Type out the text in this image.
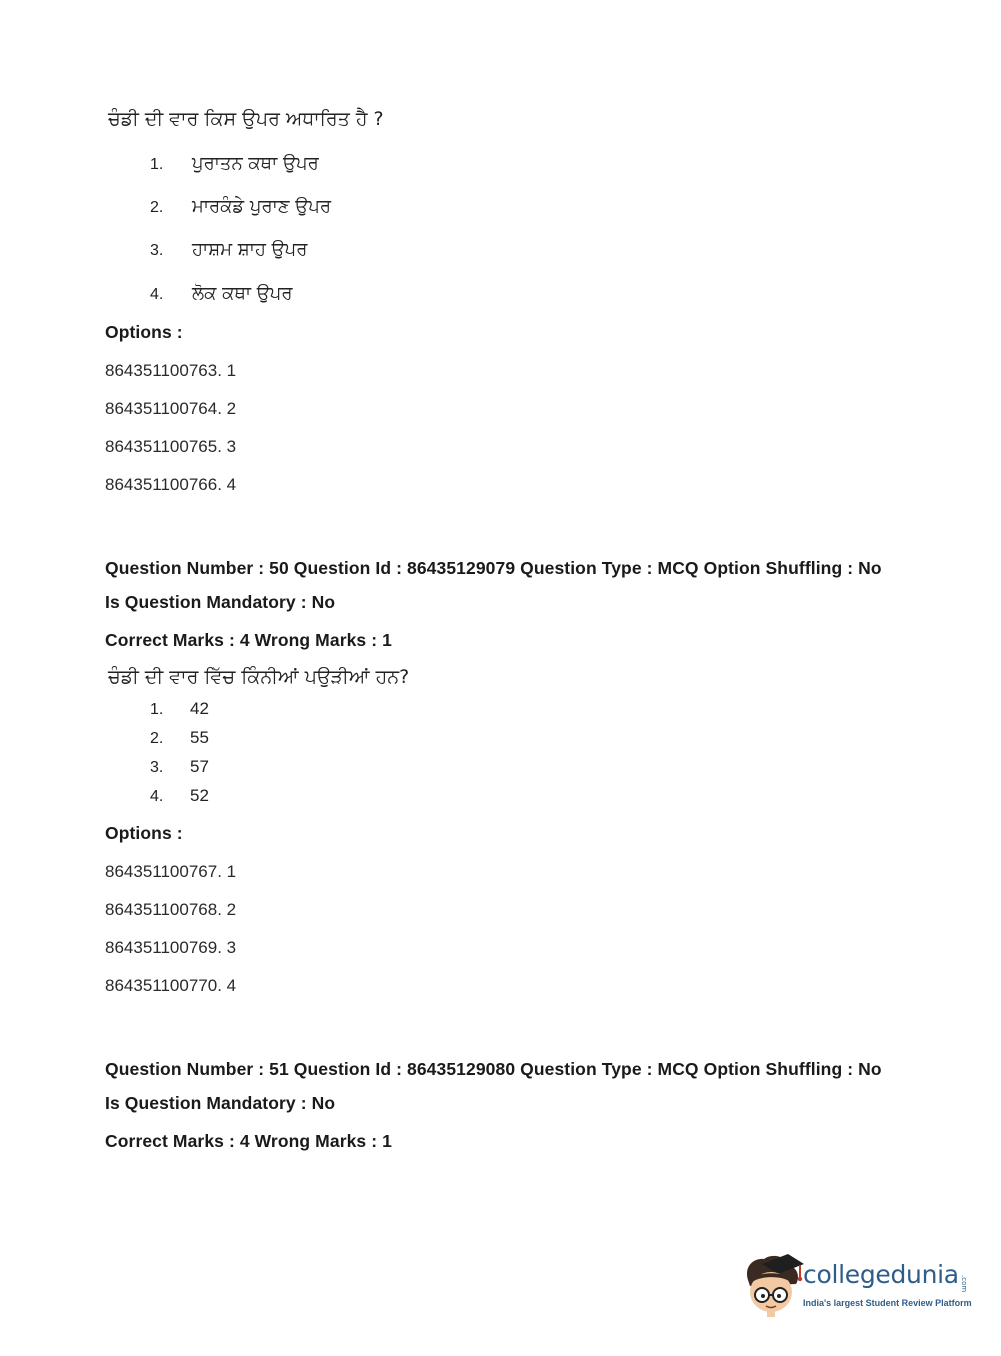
ਚੰਡੀ ਦੀ ਵਾਰ ਕਿਸ ਉਪਰ ਅਧਾਰਿਤ ਹੈ ?
1.	ਪੁਰਾਤਨ ਕਥਾ ਉਪਰ
2.	ਮਾਰਕੰਡੇ ਪੁਰਾਣ ਉਪਰ
3.	ਹਾਸ਼ਮ ਸ਼ਾਹ ਉਪਰ
4.	ਲੋਕ ਕਥਾ ਉਪਰ
Options :
864351100763. 1
864351100764. 2
864351100765. 3
864351100766. 4
Question Number : 50 Question Id : 86435129079 Question Type : MCQ Option Shuffling : No
Is Question Mandatory : No
Correct Marks : 4 Wrong Marks : 1
ਚੰਡੀ ਦੀ ਵਾਰ ਵਿੱਚ ਕਿੰਨੀਆਂ ਪਉੜੀਆਂ ਹਨ?
1.	42
2.	55
3.	57
4.	52
Options :
864351100767. 1
864351100768. 2
864351100769. 3
864351100770. 4
Question Number : 51 Question Id : 86435129080 Question Type : MCQ Option Shuffling : No
Is Question Mandatory : No
Correct Marks : 4 Wrong Marks : 1
collegedunia .com
India's largest Student Review Platform
